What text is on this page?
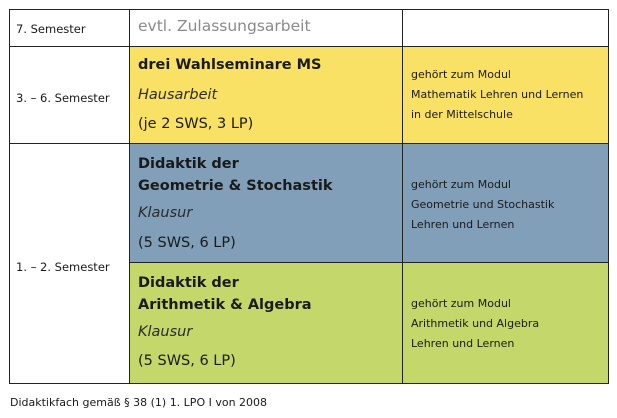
7. Semester	evtl. Zulassungsarbeit
3. – 6. Semester
drei Wahlseminare MS
Hausarbeit
(je 2 SWS, 3 LP)
gehört zum Modul
Mathematik Lehren und Lernen
in der Mittelschule
1. – 2. Semester
Didaktik der
Geometrie & Stochastik
Klausur
(5 SWS, 6 LP)
gehört zum Modul
Geometrie und Stochastik
Lehren und Lernen
Didaktik der
Arithmetik & Algebra
Klausur
(5 SWS, 6 LP)
gehört zum Modul
Arithmetik und Algebra
Lehren und Lernen
Didaktikfach gemäß § 38 (1) 1. LPO I von 2008
